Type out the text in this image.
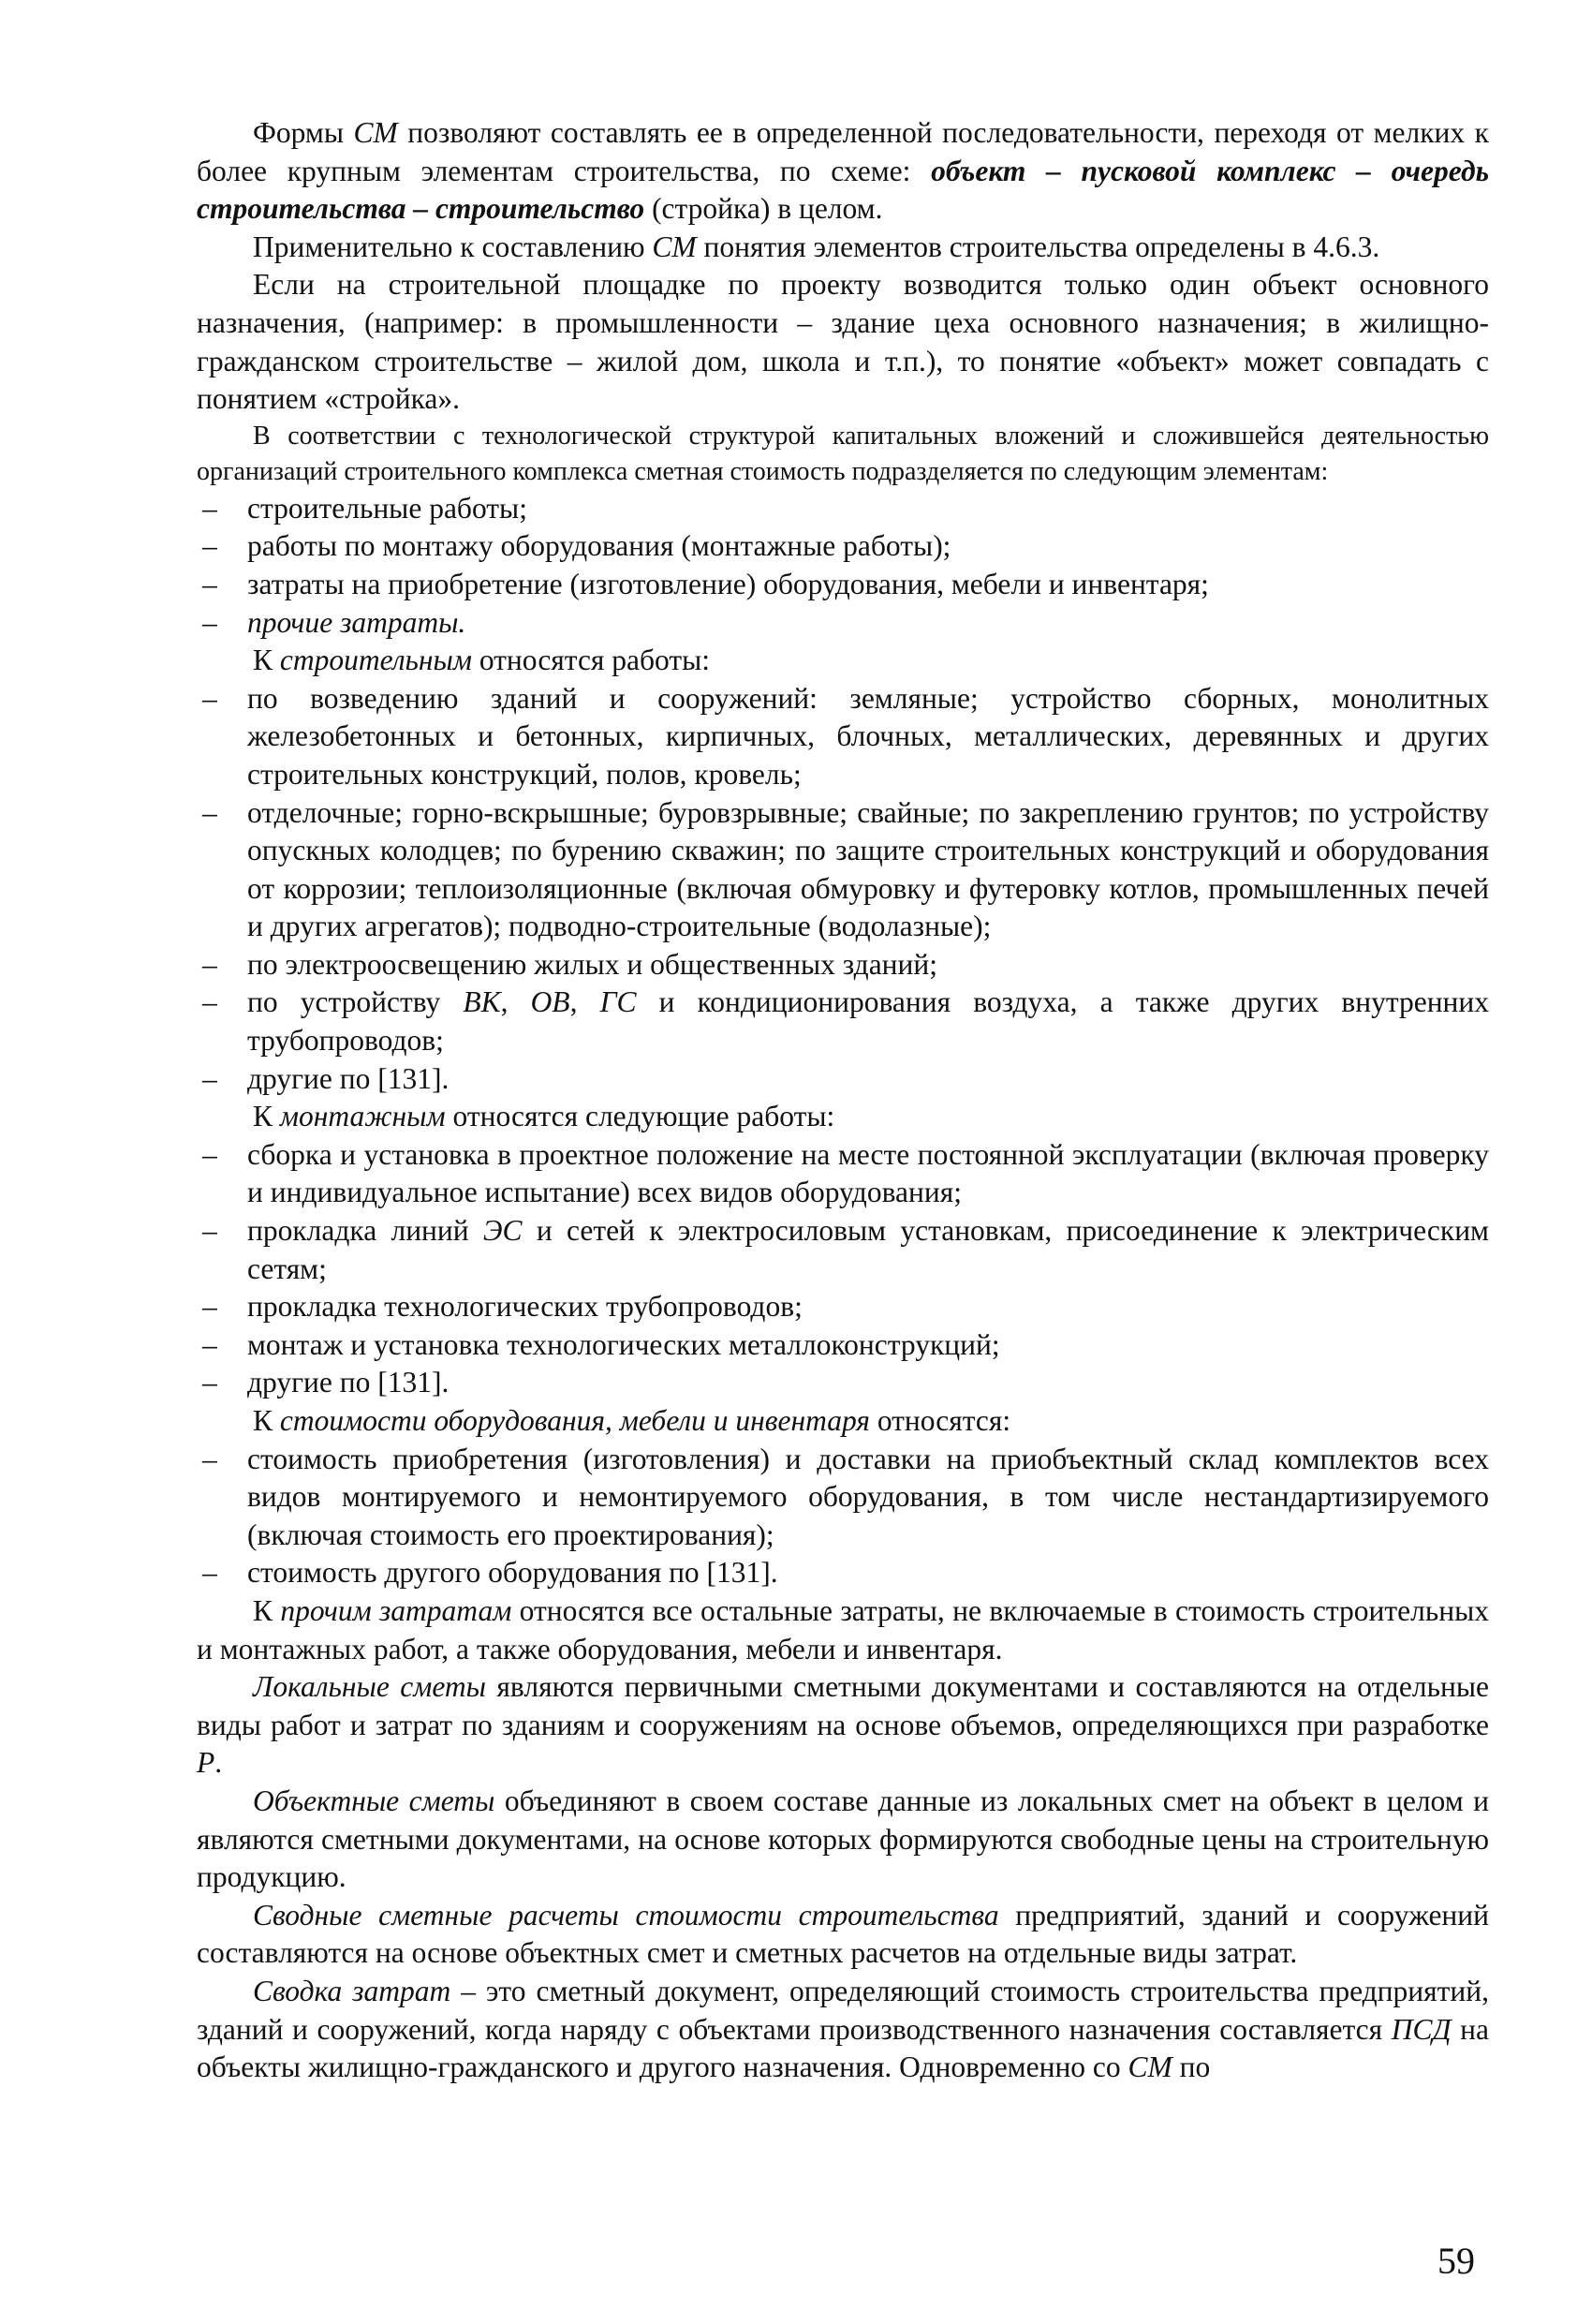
Формы СМ позволяют составлять ее в определенной последовательности, переходя от мелких к более крупным элементам строительства, по схеме: объект – пусковой комплекс – очередь строительства – строительство (стройка) в целом.

Применительно к составлению СМ понятия элементов строительства определены в 4.6.3.

Если на строительной площадке по проекту возводится только один объект основного назначения, (например: в промышленности – здание цеха основного назначения; в жилищно-гражданском строительстве – жилой дом, школа и т.п.), то понятие «объект» может совпадать с понятием «стройка».

В соответствии с технологической структурой капитальных вложений и сложившейся деятельностью организаций строительного комплекса сметная стоимость подразделяется по следующим элементам:

– строительные работы;
– работы по монтажу оборудования (монтажные работы);
– затраты на приобретение (изготовление) оборудования, мебели и инвентаря;
– прочие затраты.

К строительным относятся работы:

– по возведению зданий и сооружений: земляные; устройство сборных, монолитных железобетонных и бетонных, кирпичных, блочных, металлических, деревянных и других строительных конструкций, полов, кровель;
– отделочные; горно-вскрышные; буровзрывные; свайные; по закреплению грунтов; по устройству опускных колодцев; по бурению скважин; по защите строительных конструкций и оборудования от коррозии; теплоизоляционные (включая обмуровку и футеровку котлов, промышленных печей и других агрегатов); подводно-строительные (водолазные);
– по электроосвещению жилых и общественных зданий;
– по устройству ВК, ОВ, ГС и кондиционирования воздуха, а также других внутренних трубопроводов;
– другие по [131].

К монтажным относятся следующие работы:

– сборка и установка в проектное положение на месте постоянной эксплуатации (включая проверку и индивидуальное испытание) всех видов оборудования;
– прокладка линий ЭС и сетей к электросиловым установкам, присоединение к электрическим сетям;
– прокладка технологических трубопроводов;
– монтаж и установка технологических металлоконструкций;
– другие по [131].

К стоимости оборудования, мебели и инвентаря относятся:

– стоимость приобретения (изготовления) и доставки на приобъектный склад комплектов всех видов монтируемого и немонтируемого оборудования, в том числе нестандартизируемого (включая стоимость его проектирования);
– стоимость другого оборудования по [131].

К прочим затратам относятся все остальные затраты, не включаемые в стоимость строительных и монтажных работ, а также оборудования, мебели и инвентаря.

Локальные сметы являются первичными сметными документами и составляются на отдельные виды работ и затрат по зданиям и сооружениям на основе объемов, определяющихся при разработке Р.

Объектные сметы объединяют в своем составе данные из локальных смет на объект в целом и являются сметными документами, на основе которых формируются свободные цены на строительную продукцию.

Сводные сметные расчеты стоимости строительства предприятий, зданий и сооружений составляются на основе объектных смет и сметных расчетов на отдельные виды затрат.

Сводка затрат – это сметный документ, определяющий стоимость строительства предприятий, зданий и сооружений, когда наряду с объектами производственного назначения составляется ПСД на объекты жилищно-гражданского и другого назначения. Одновременно со СМ по

59
